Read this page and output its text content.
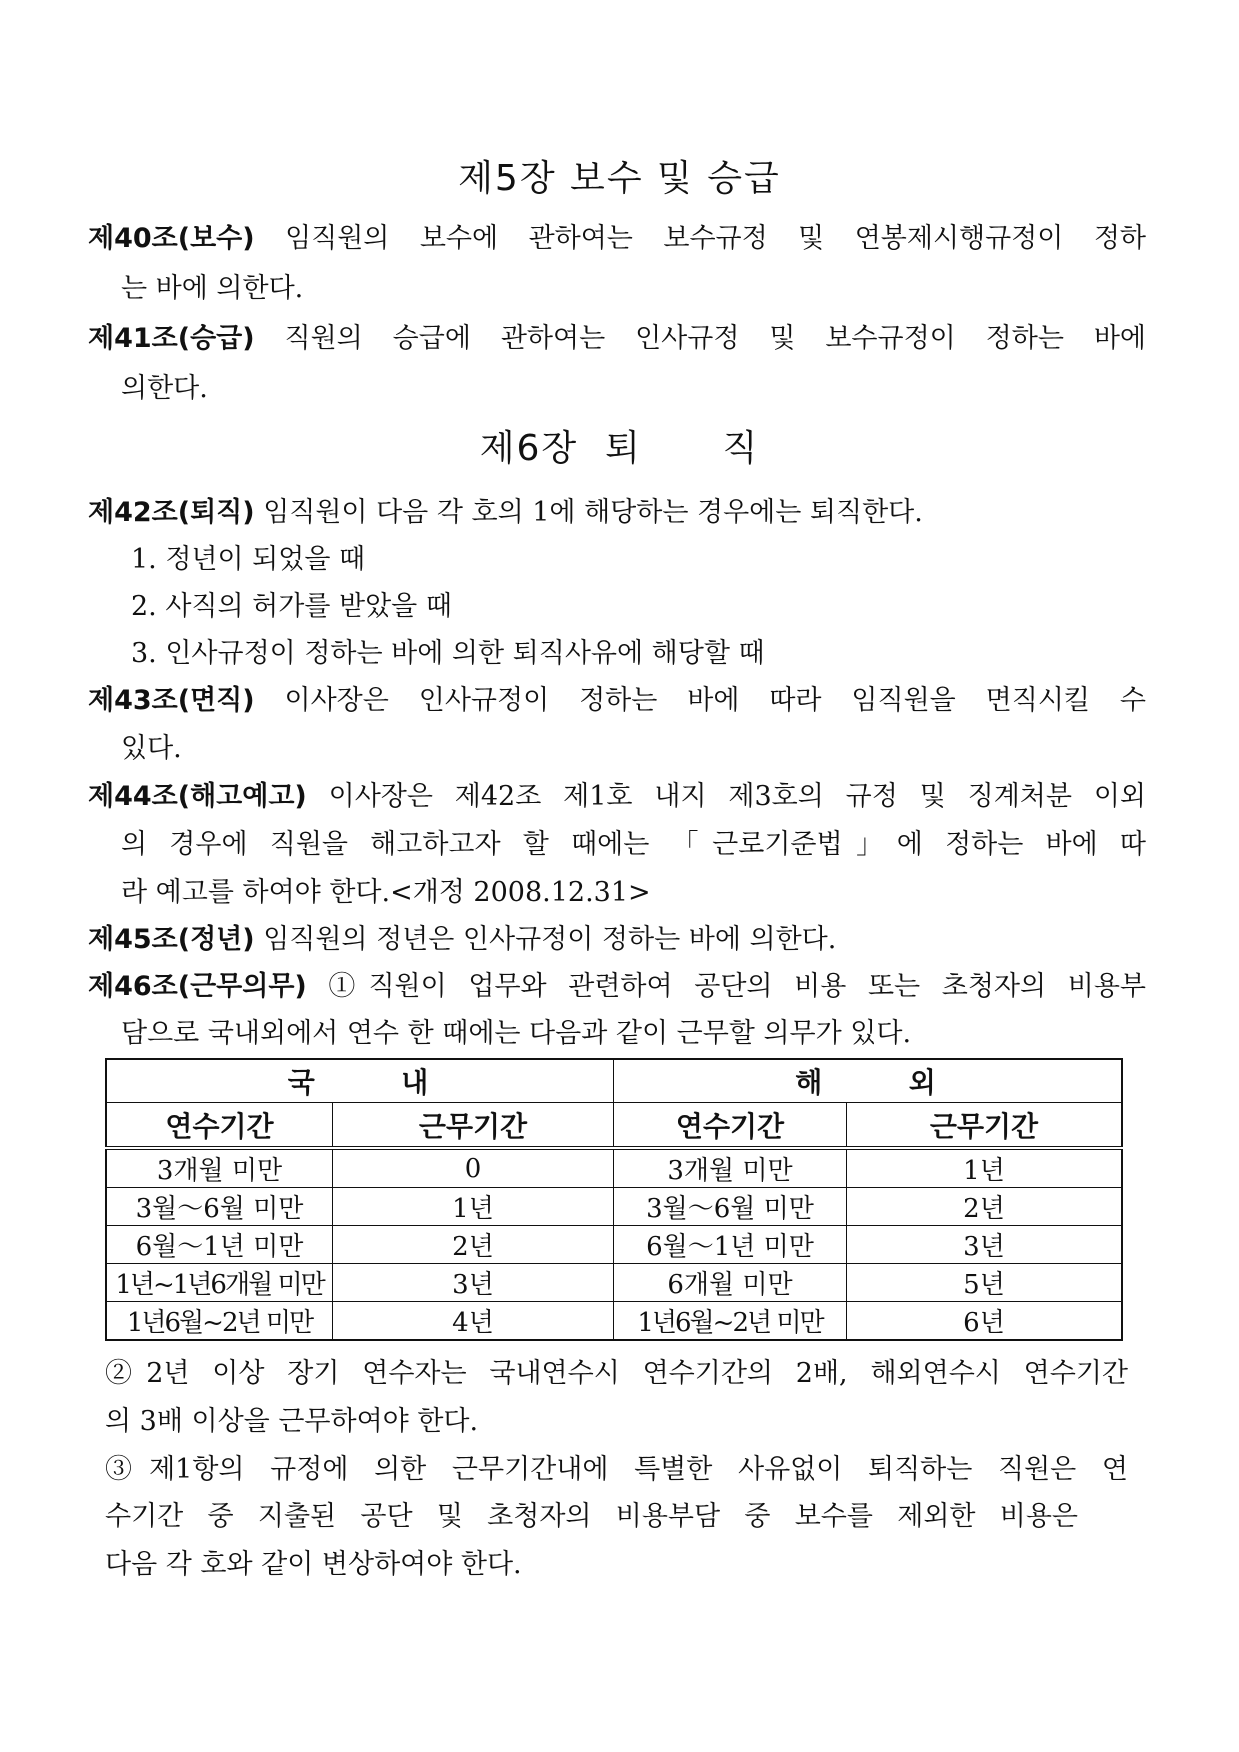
제5장 보수 및 승급
제40조(보수) 임직원의 보수에 관하여는 보수규정 및 연봉제시행규정이 정하
는 바에 의한다.
제41조(승급) 직원의 승급에 관하여는 인사규정 및 보수규정이 정하는 바에
의한다.
제6장  퇴      직
제42조(퇴직) 임직원이 다음 각 호의 1에 해당하는 경우에는 퇴직한다.
1. 정년이 되었을 때
2. 사직의 허가를 받았을 때
3. 인사규정이 정하는 바에 의한 퇴직사유에 해당할 때
제43조(면직) 이사장은 인사규정이 정하는 바에 따라 임직원을 면직시킬 수
있다.
제44조(해고예고) 이사장은 제42조 제1호 내지 제3호의 규정 및 징계처분 이외
의 경우에 직원을 해고하고자 할 때에는 「근로기준법」에 정하는 바에 따
라 예고를 하여야 한다.<개정 2008.12.31>
제45조(정년) 임직원의 정년은 인사규정이 정하는 바에 의한다.
제46조(근무의무) ①직원이 업무와 관련하여 공단의 비용 또는 초청자의 비용부
담으로 국내외에서 연수 한 때에는 다음과 같이 근무할 의무가 있다.
국      내		해      외	
연수기간	근무기간	연수기간	근무기간
3개월 미만	0	3개월 미만	1년
3월～6월 미만	1년	3월～6월 미만	2년
6월～1년 미만	2년	6월～1년 미만	3년
1년~1년6개월 미만	3년	6개월 미만	5년
1년6월~2년 미만	4년	1년6월~2년 미만	6년
②2년 이상 장기 연수자는 국내연수시 연수기간의 2배, 해외연수시 연수기간
의 3배 이상을 근무하여야 한다.
③제1항의 규정에 의한 근무기간내에 특별한 사유없이 퇴직하는 직원은 연
수기간 중 지출된 공단 및 초청자의 비용부담 중 보수를 제외한 비용은
다음 각 호와 같이 변상하여야 한다.
